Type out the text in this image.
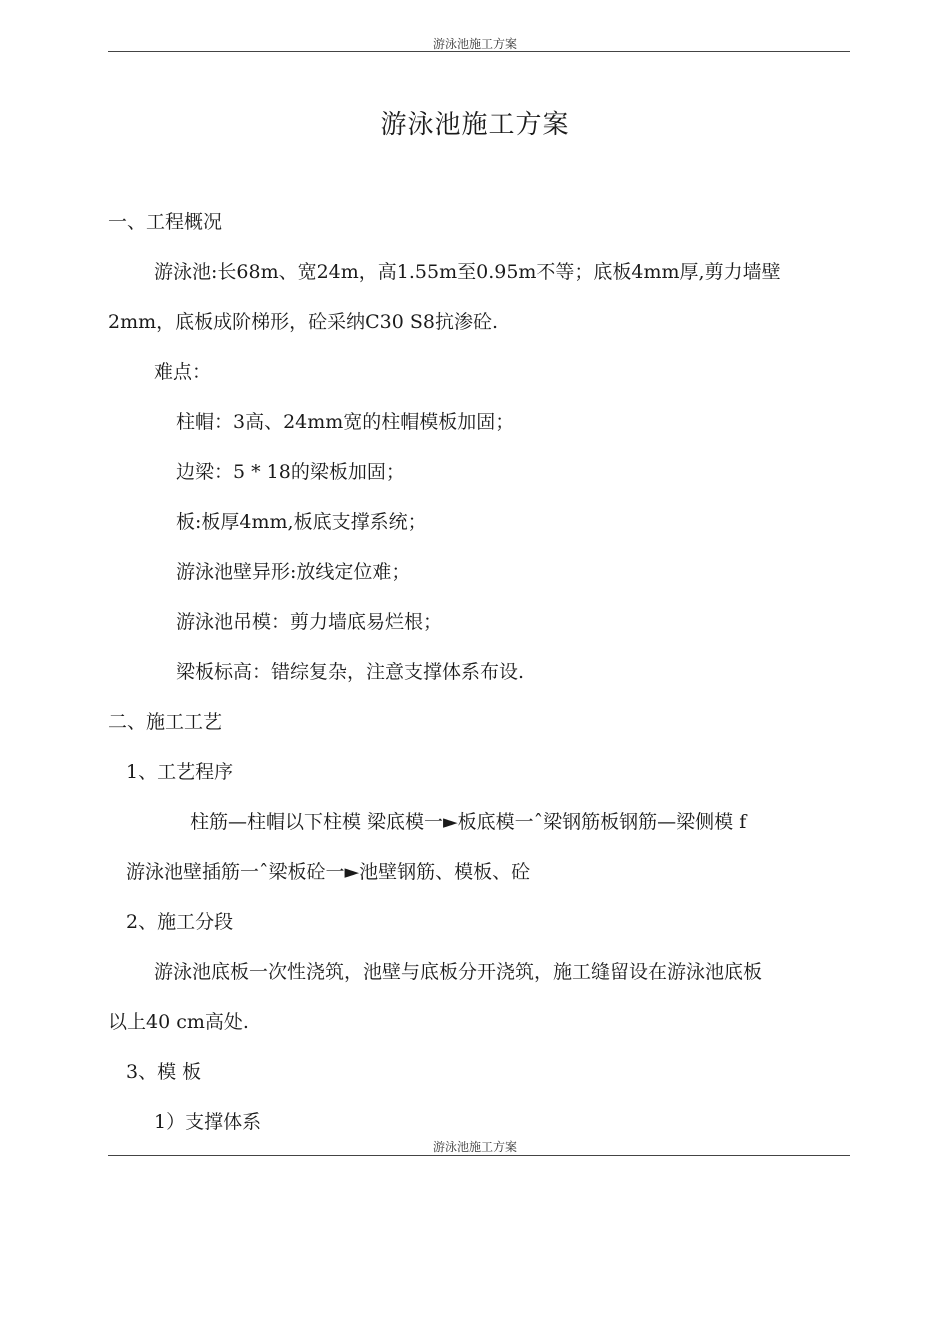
游泳池施工方案
游泳池施工方案
一、工程概况
游泳池:长68m、宽24m，高1.55m至0.95m不等；底板4mm厚,剪力墙壁
2mm，底板成阶梯形，砼采纳C30 S8抗渗砼.
难点：
柱帽：3高、24mm宽的柱帽模板加固；
边梁：5 * 18的梁板加固；
板:板厚4mm,板底支撑系统；
游泳池壁异形:放线定位难；
游泳池吊模：剪力墙底易烂根；
梁板标高：错综复杂，注意支撑体系布设.
二、施工工艺
1、工艺程序
柱筋—柱帽以下柱模 梁底模一►板底模一ˆ梁钢筋板钢筋—梁侧模 f
游泳池壁插筋一ˆ梁板砼一►池壁钢筋、模板、砼
2、施工分段
游泳池底板一次性浇筑，池壁与底板分开浇筑，施工缝留设在游泳池底板
以上40 cm高处.
3、模 板
1）支撑体系
游泳池施工方案
